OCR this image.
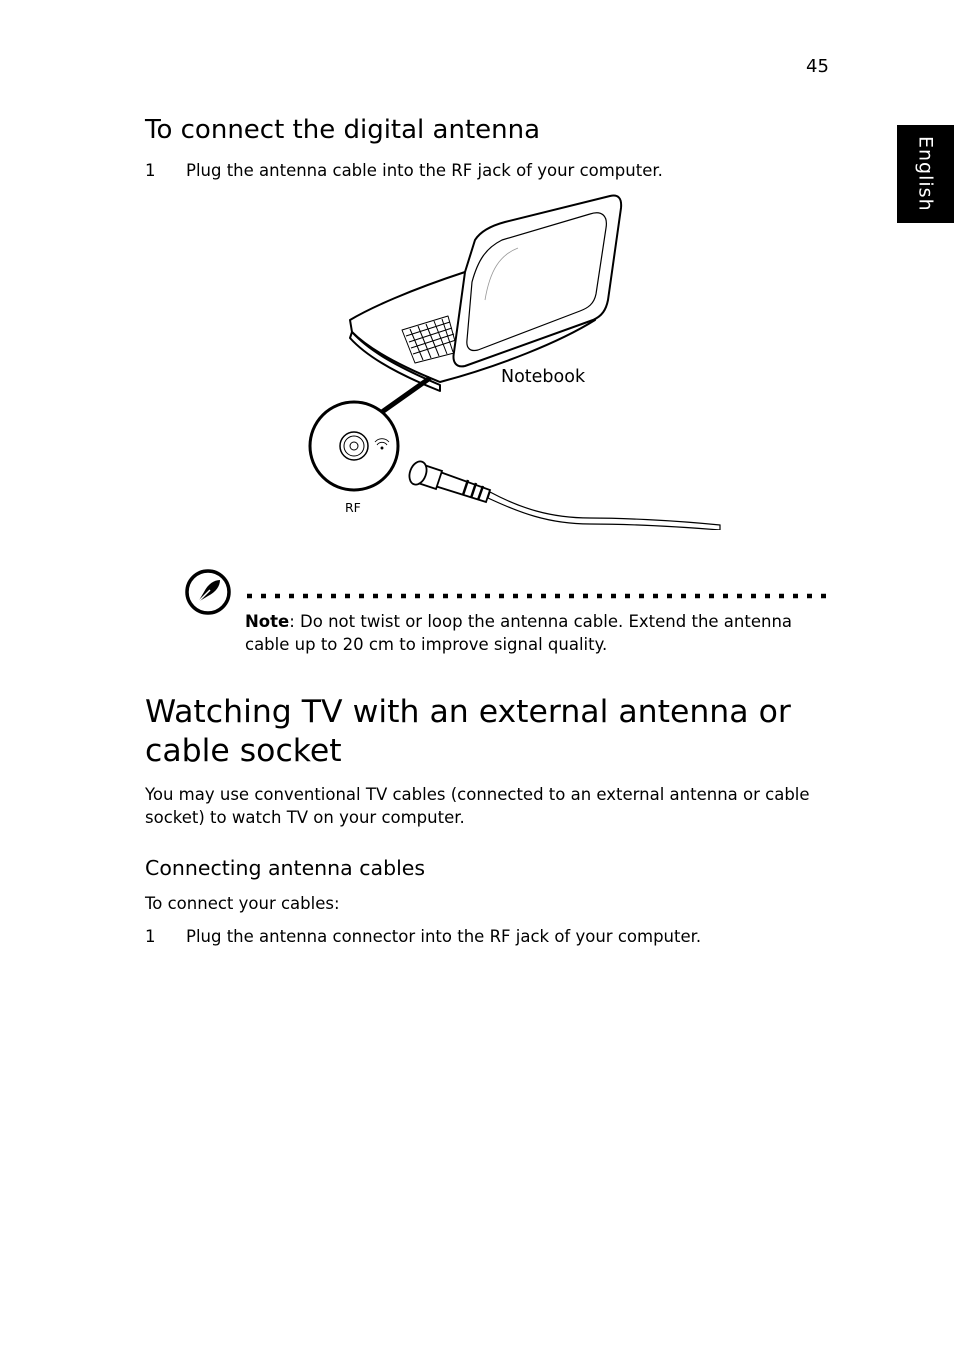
45
English
To connect the digital antenna
1 Plug the antenna cable into the RF jack of your computer.
Notebook
RF
Note: Do not twist or loop the antenna cable. Extend the antenna cable up to 20 cm to improve signal quality.
Watching TV with an external antenna or cable socket
You may use conventional TV cables (connected to an external antenna or cable socket) to watch TV on your computer.
Connecting antenna cables
To connect your cables:
1 Plug the antenna connector into the RF jack of your computer.
